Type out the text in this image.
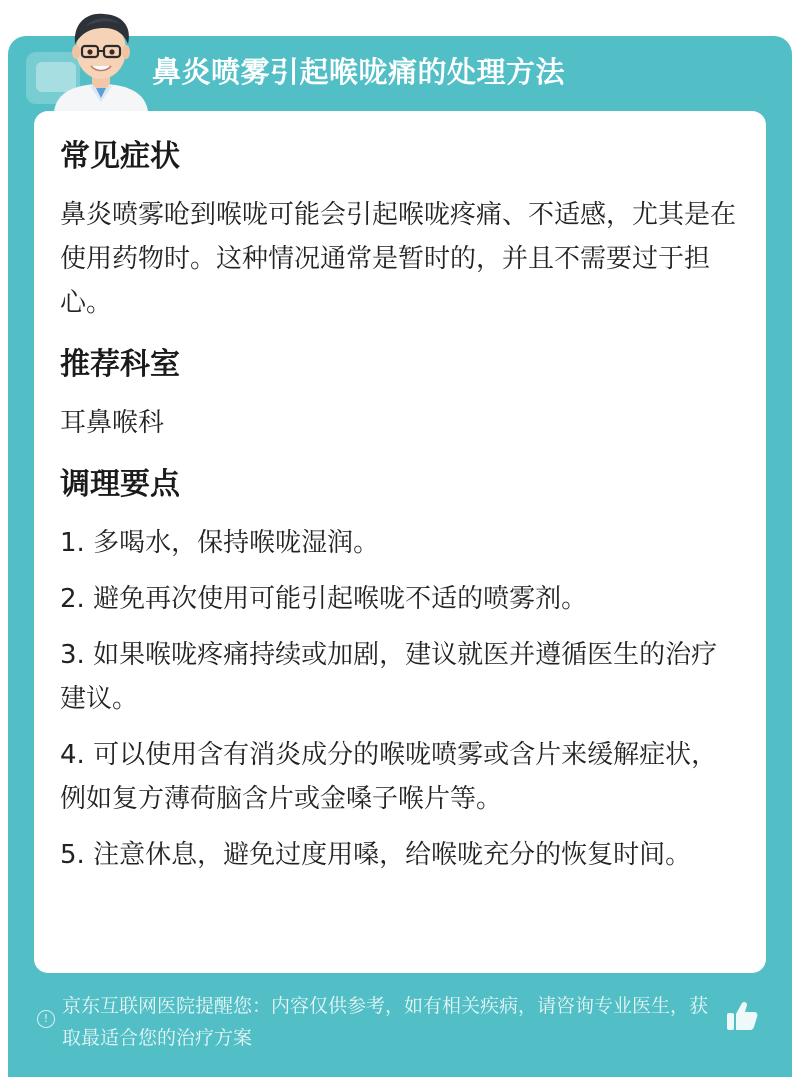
鼻炎喷雾引起喉咙痛的处理方法
常见症状
鼻炎喷雾呛到喉咙可能会引起喉咙疼痛、不适感，尤其是在使用药物时。这种情况通常是暂时的，并且不需要过于担心。
推荐科室
耳鼻喉科
调理要点
1. 多喝水，保持喉咙湿润。
2. 避免再次使用可能引起喉咙不适的喷雾剂。
3. 如果喉咙疼痛持续或加剧，建议就医并遵循医生的治疗建议。
4. 可以使用含有消炎成分的喉咙喷雾或含片来缓解症状，例如复方薄荷脑含片或金嗓子喉片等。
5. 注意休息，避免过度用嗓，给喉咙充分的恢复时间。
!
京东互联网医院提醒您：内容仅供参考，如有相关疾病，请咨询专业医生，获取最适合您的治疗方案
